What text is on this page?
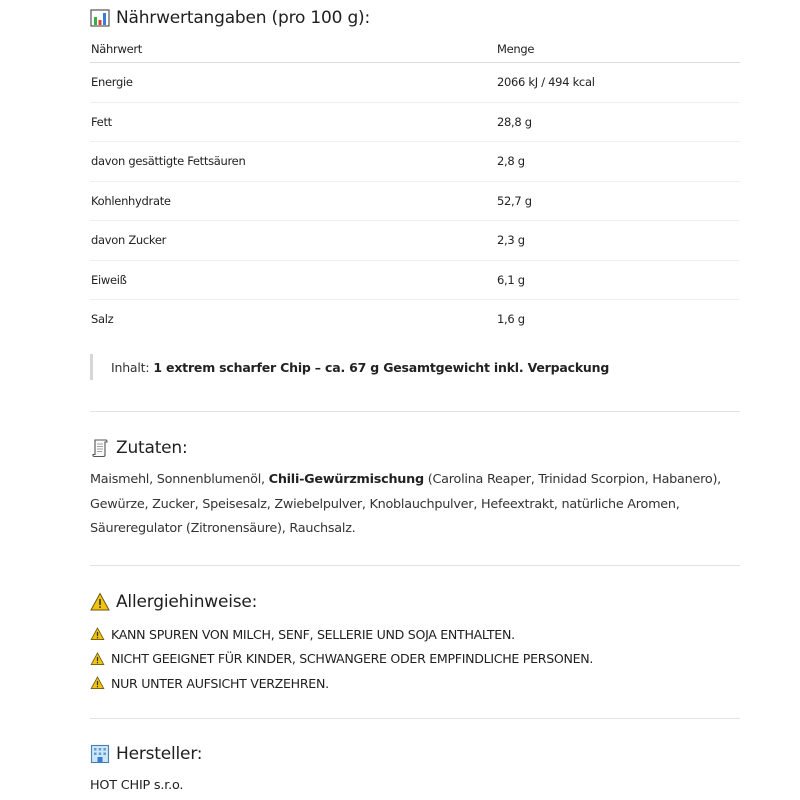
Nährwertangaben (pro 100 g):
Nährwert	Menge
Energie	2066 kJ / 494 kcal
Fett	28,8 g
davon gesättigte Fettsäuren	2,8 g
Kohlenhydrate	52,7 g
davon Zucker	2,3 g
Eiweiß	6,1 g
Salz	1,6 g
Inhalt: 1 extrem scharfer Chip – ca. 67 g Gesamtgewicht inkl. Verpackung
Zutaten:
Maismehl, Sonnenblumenöl, Chili-Gewürzmischung (Carolina Reaper, Trinidad Scorpion, Habanero), Gewürze, Zucker, Speisesalz, Zwiebelpulver, Knoblauchpulver, Hefeextrakt, natürliche Aromen, Säureregulator (Zitronensäure), Rauchsalz.
Allergiehinweise:
KANN SPUREN VON MILCH, SENF, SELLERIE UND SOJA ENTHALTEN.
NICHT GEEIGNET FÜR KINDER, SCHWANGERE ODER EMPFINDLICHE PERSONEN.
NUR UNTER AUFSICHT VERZEHREN.
Hersteller:
HOT CHIP s.r.o.
